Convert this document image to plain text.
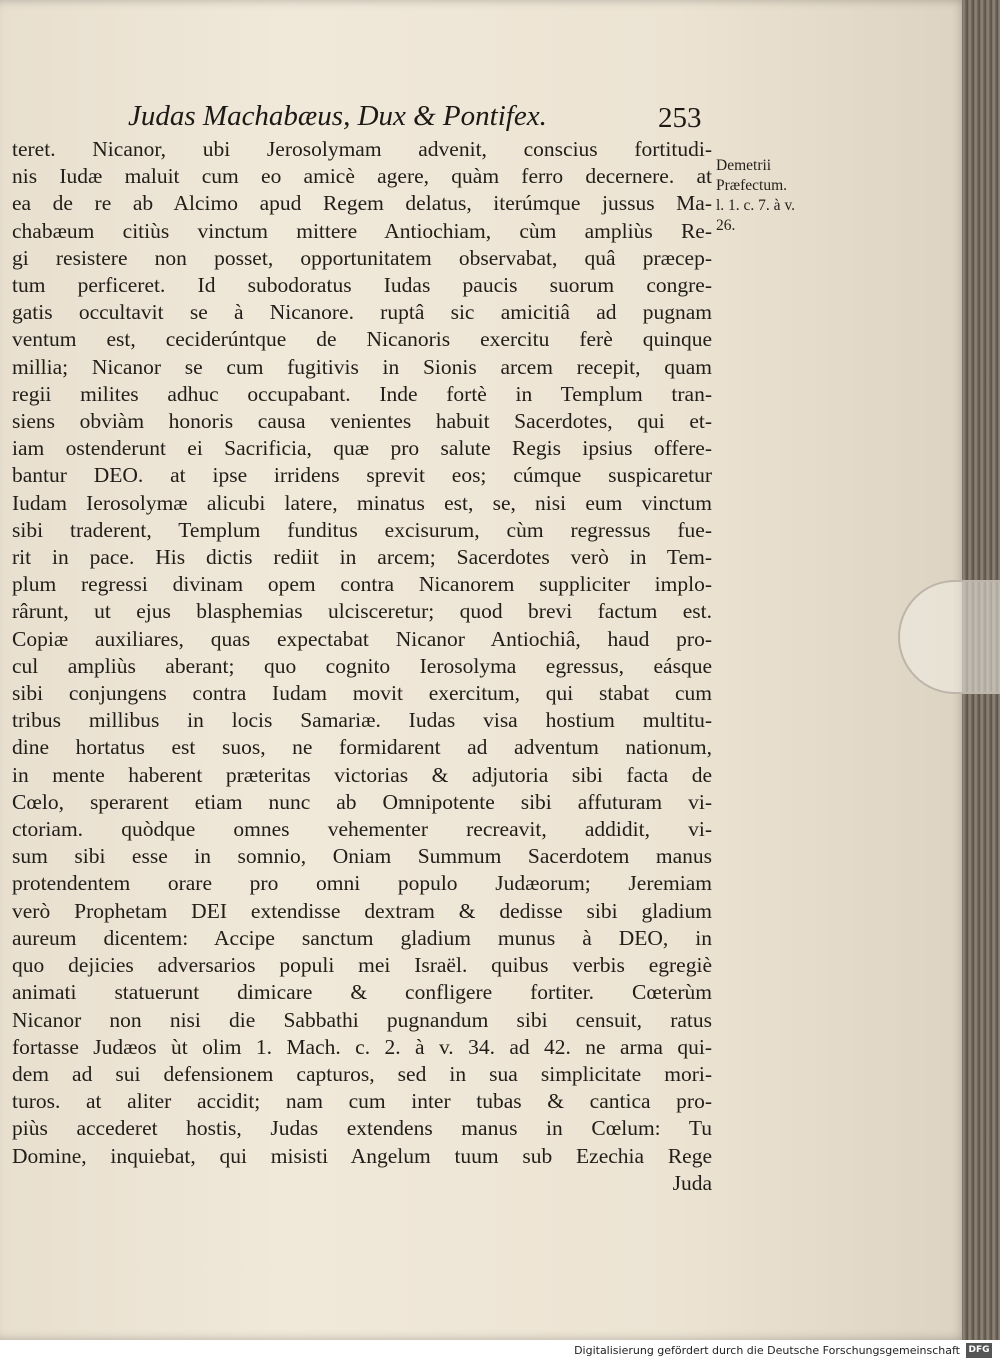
Judas Machabæus, Dux & Pontifex.	253
Demetrii
Præfectum.
l. 1. c. 7. à v.
26.
teret. Nicanor, ubi Jerosolymam advenit, conscius fortitudi-
nis Iudæ maluit cum eo amicè agere, quàm ferro decernere. at
ea de re ab Alcimo apud Regem delatus, iterúmque jussus Ma-
chabæum citiùs vinctum mittere Antiochiam, cùm ampliùs Re-
gi resistere non posset, opportunitatem observabat, quâ præcep-
tum perficeret. Id subodoratus Iudas paucis suorum congre-
gatis occultavit se à Nicanore. ruptâ sic amicitiâ ad pugnam
ventum est, ceciderúntque de Nicanoris exercitu ferè quinque
millia; Nicanor se cum fugitivis in Sionis arcem recepit, quam
regii milites adhuc occupabant. Inde fortè in Templum tran-
siens obviàm honoris causa venientes habuit Sacerdotes, qui et-
iam ostenderunt ei Sacrificia, quæ pro salute Regis ipsius offere-
bantur DEO. at ipse irridens sprevit eos; cúmque suspicaretur
Iudam Ierosolymæ alicubi latere, minatus est, se, nisi eum vinctum
sibi traderent, Templum funditus excisurum, cùm regressus fue-
rit in pace. His dictis rediit in arcem; Sacerdotes verò in Tem-
plum regressi divinam opem contra Nicanorem suppliciter implo-
rârunt, ut ejus blasphemias ulcisceretur; quod brevi factum est.
Copiæ auxiliares, quas expectabat Nicanor Antiochiâ, haud pro-
cul ampliùs aberant; quo cognito Ierosolyma egressus, eásque
sibi conjungens contra Iudam movit exercitum, qui stabat cum
tribus millibus in locis Samariæ. Iudas visa hostium multitu-
dine hortatus est suos, ne formidarent ad adventum nationum,
in mente haberent præteritas victorias & adjutoria sibi facta de
Cœlo, sperarent etiam nunc ab Omnipotente sibi affuturam vi-
ctoriam. quòdque omnes vehementer recreavit, addidit, vi-
sum sibi esse in somnio, Oniam Summum Sacerdotem manus
protendentem orare pro omni populo Judæorum; Jeremiam
verò Prophetam DEI extendisse dextram & dedisse sibi gladium
aureum dicentem: Accipe sanctum gladium munus à DEO, in
quo dejicies adversarios populi mei Israël. quibus verbis egregiè
animati statuerunt dimicare & confligere fortiter. Cœterùm
Nicanor non nisi die Sabbathi pugnandum sibi censuit, ratus
fortasse Judæos ùt olim 1. Mach. c. 2. à v. 34. ad 42. ne arma qui-
dem ad sui defensionem capturos, sed in sua simplicitate mori-
turos. at aliter accidit; nam cum inter tubas & cantica pro-
piùs accederet hostis, Judas extendens manus in Cœlum: Tu
Domine, inquiebat, qui misisti Angelum tuum sub Ezechia Rege
Juda
Digitalisierung gefördert durch die Deutsche Forschungsgemeinschaft DFG
